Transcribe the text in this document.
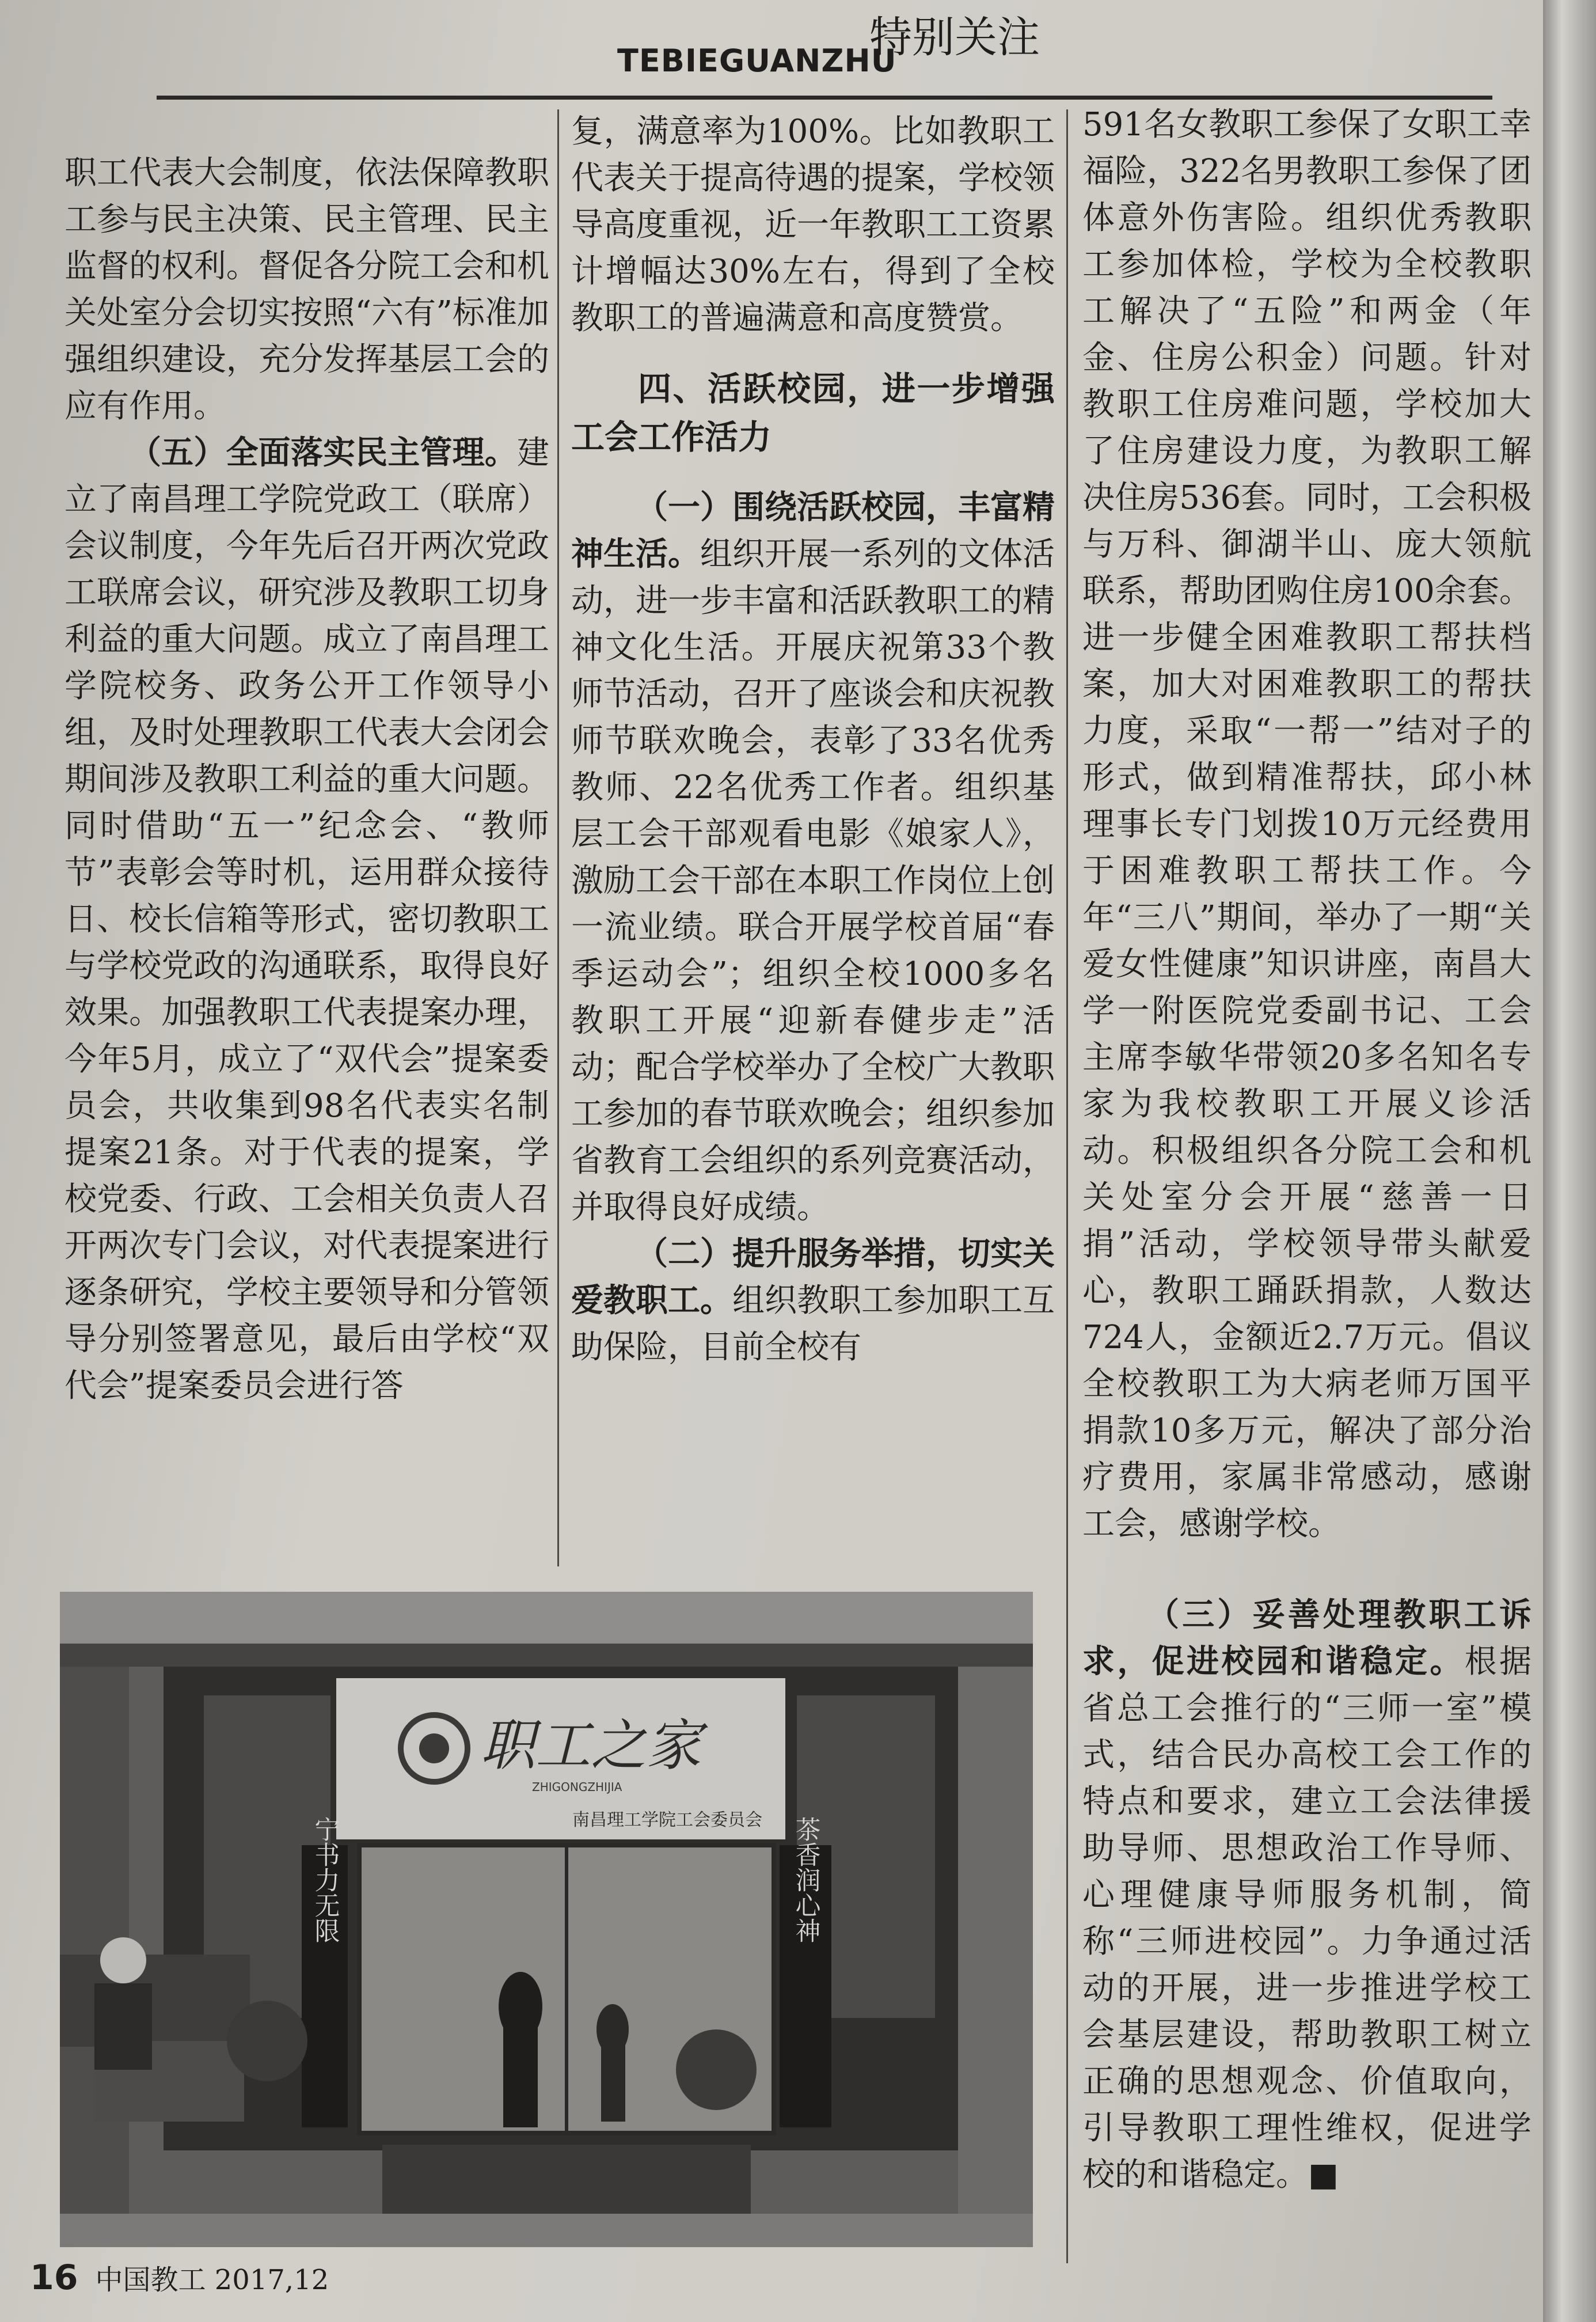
TEBIEGUANZHU
特别关注

职工代表大会制度，依法保障教职工参与民主决策、民主管理、民主监督的权利。督促各分院工会和机关处室分会切实按照“六有”标准加强组织建设，充分发挥基层工会的应有作用。

（五）全面落实民主管理。建立了南昌理工学院党政工（联席）会议制度，今年先后召开两次党政工联席会议，研究涉及教职工切身利益的重大问题。成立了南昌理工学院校务、政务公开工作领导小组，及时处理教职工代表大会闭会期间涉及教职工利益的重大问题。同时借助“五一”纪念会、“教师节”表彰会等时机，运用群众接待日、校长信箱等形式，密切教职工与学校党政的沟通联系，取得良好效果。加强教职工代表提案办理，今年5月，成立了“双代会”提案委员会，共收集到98名代表实名制提案21条。对于代表的提案，学校党委、行政、工会相关负责人召开两次专门会议，对代表提案进行逐条研究，学校主要领导和分管领导分别签署意见，最后由学校“双代会”提案委员会进行答

复，满意率为100%。比如教职工代表关于提高待遇的提案，学校领导高度重视，近一年教职工工资累计增幅达30%左右，得到了全校教职工的普遍满意和高度赞赏。

四、活跃校园，进一步增强工会工作活力

（一）围绕活跃校园，丰富精神生活。组织开展一系列的文体活动，进一步丰富和活跃教职工的精神文化生活。开展庆祝第33个教师节活动，召开了座谈会和庆祝教师节联欢晚会，表彰了33名优秀教师、22名优秀工作者。组织基层工会干部观看电影《娘家人》，激励工会干部在本职工作岗位上创一流业绩。联合开展学校首届“春季运动会”；组织全校1000多名教职工开展“迎新春健步走”活动；配合学校举办了全校广大教职工参加的春节联欢晚会；组织参加省教育工会组织的系列竞赛活动，并取得良好成绩。

（二）提升服务举措，切实关爱教职工。组织教职工参加职工互助保险，目前全校有

591名女教职工参保了女职工幸福险，322名男教职工参保了团体意外伤害险。组织优秀教职工参加体检，学校为全校教职工解决了“五险”和两金（年金、住房公积金）问题。针对教职工住房难问题，学校加大了住房建设力度，为教职工解决住房536套。同时，工会积极与万科、御湖半山、庞大领航联系，帮助团购住房100余套。进一步健全困难教职工帮扶档案，加大对困难教职工的帮扶力度，采取“一帮一”结对子的形式，做到精准帮扶，邱小林理事长专门划拨10万元经费用于困难教职工帮扶工作。今年“三八”期间，举办了一期“关爱女性健康”知识讲座，南昌大学一附医院党委副书记、工会主席李敏华带领20多名知名专家为我校教职工开展义诊活动。积极组织各分院工会和机关处室分会开展“慈善一日捐”活动，学校领导带头献爱心，教职工踊跃捐款，人数达724人，金额近2.7万元。倡议全校教职工为大病老师万国平捐款10多万元，解决了部分治疗费用，家属非常感动，感谢工会，感谢学校。

（三）妥善处理教职工诉求，促进校园和谐稳定。根据省总工会推行的“三师一室”模式，结合民办高校工会工作的特点和要求，建立工会法律援助导师、思想政治工作导师、心理健康导师服务机制，简称“三师进校园”。力争通过活动的开展，进一步推进学校工会基层建设，帮助教职工树立正确的思想观念、价值取向，引导教职工理性维权，促进学校的和谐稳定。■

职工之家
ZHIGONGZHIJIA
南昌理工学院工会委员会
宁书力无限	茶香润心神
16 中国教工 2017,12
